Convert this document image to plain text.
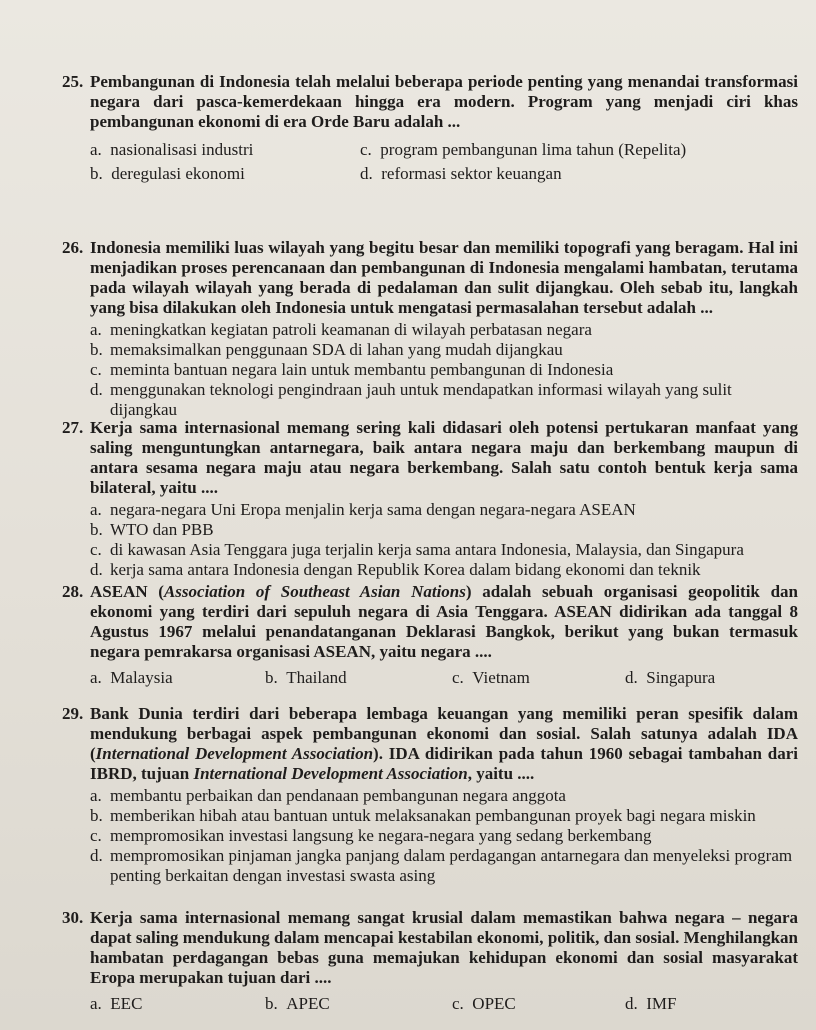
25. Pembangunan di Indonesia telah melalui beberapa periode penting yang menandai transformasi negara dari pasca-kemerdekaan hingga era modern. Program yang menjadi ciri khas pembangunan ekonomi di era Orde Baru adalah ...
a. nasionalisasi industri	c. program pembangunan lima tahun (Repelita)
b. deregulasi ekonomi	d. reformasi sektor keuangan
26. Indonesia memiliki luas wilayah yang begitu besar dan memiliki topografi yang beragam. Hal ini menjadikan proses perencanaan dan pembangunan di Indonesia mengalami hambatan, terutama pada wilayah wilayah yang berada di pedalaman dan sulit dijangkau. Oleh sebab itu, langkah yang bisa dilakukan oleh Indonesia untuk mengatasi permasalahan tersebut adalah ...
a. meningkatkan kegiatan patroli keamanan di wilayah perbatasan negara
b. memaksimalkan penggunaan SDA di lahan yang mudah dijangkau
c. meminta bantuan negara lain untuk membantu pembangunan di Indonesia
d. menggunakan teknologi pengindraan jauh untuk mendapatkan informasi wilayah yang sulit dijangkau
27. Kerja sama internasional memang sering kali didasari oleh potensi pertukaran manfaat yang saling menguntungkan antarnegara, baik antara negara maju dan berkembang maupun di antara sesama negara maju atau negara berkembang. Salah satu contoh bentuk kerja sama bilateral, yaitu ....
a. negara-negara Uni Eropa menjalin kerja sama dengan negara-negara ASEAN
b. WTO dan PBB
c. di kawasan Asia Tenggara juga terjalin kerja sama antara Indonesia, Malaysia, dan Singapura
d. kerja sama antara Indonesia dengan Republik Korea dalam bidang ekonomi dan teknik
28. ASEAN (Association of Southeast Asian Nations) adalah sebuah organisasi geopolitik dan ekonomi yang terdiri dari sepuluh negara di Asia Tenggara. ASEAN didirikan ada tanggal 8 Agustus 1967 melalui penandatanganan Deklarasi Bangkok, berikut yang bukan termasuk negara pemrakarsa organisasi ASEAN, yaitu negara ....
a. Malaysia	b. Thailand	c. Vietnam	d. Singapura
29. Bank Dunia terdiri dari beberapa lembaga keuangan yang memiliki peran spesifik dalam mendukung berbagai aspek pembangunan ekonomi dan sosial. Salah satunya adalah IDA (International Development Association). IDA didirikan pada tahun 1960 sebagai tambahan dari IBRD, tujuan International Development Association, yaitu ....
a. membantu perbaikan dan pendanaan pembangunan negara anggota
b. memberikan hibah atau bantuan untuk melaksanakan pembangunan proyek bagi negara miskin
c. mempromosikan investasi langsung ke negara-negara yang sedang berkembang
d. mempromosikan pinjaman jangka panjang dalam perdagangan antarnegara dan menyeleksi program penting berkaitan dengan investasi swasta asing
30. Kerja sama internasional memang sangat krusial dalam memastikan bahwa negara – negara dapat saling mendukung dalam mencapai kestabilan ekonomi, politik, dan sosial. Menghilangkan hambatan perdagangan bebas guna memajukan kehidupan ekonomi dan sosial masyarakat Eropa merupakan tujuan dari ....
a. EEC	b. APEC	c. OPEC	d. IMF
